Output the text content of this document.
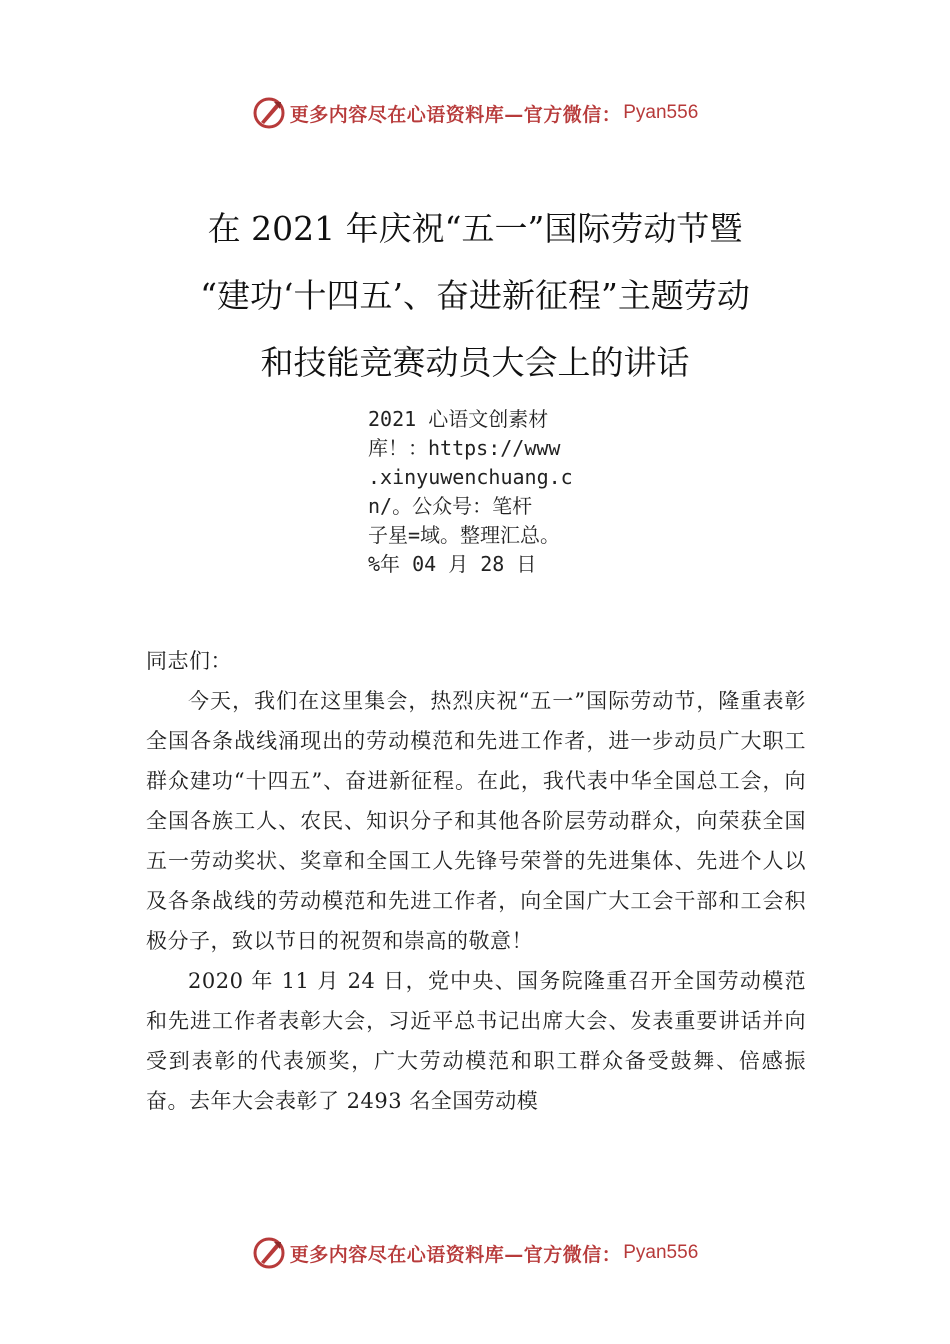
更多内容尽在心语资料库—官方微信： Pyan556
在 2021 年庆祝“五一”国际劳动节暨
“建功‘十四五’、奋进新征程”主题劳动
和技能竞赛动员大会上的讲话
2021 心语文创素材
库！：https://www
.xinyuwenchuang.c
n/。公众号：笔杆
子星=域。整理汇总。
%年 04 月 28 日

同志们：

今天，我们在这里集会，热烈庆祝“五一”国际劳动节，隆重表彰全国各条战线涌现出的劳动模范和先进工作者，进一步动员广大职工群众建功“十四五”、奋进新征程。在此，我代表中华全国总工会，向全国各族工人、农民、知识分子和其他各阶层劳动群众，向荣获全国五一劳动奖状、奖章和全国工人先锋号荣誉的先进集体、先进个人以及各条战线的劳动模范和先进工作者，向全国广大工会干部和工会积极分子，致以节日的祝贺和崇高的敬意！

2020 年 11 月 24 日，党中央、国务院隆重召开全国劳动模范和先进工作者表彰大会，习近平总书记出席大会、发表重要讲话并向受到表彰的代表颁奖，广大劳动模范和职工群众备受鼓舞、倍感振奋。去年大会表彰了 2493 名全国劳动模

更多内容尽在心语资料库—官方微信： Pyan556
